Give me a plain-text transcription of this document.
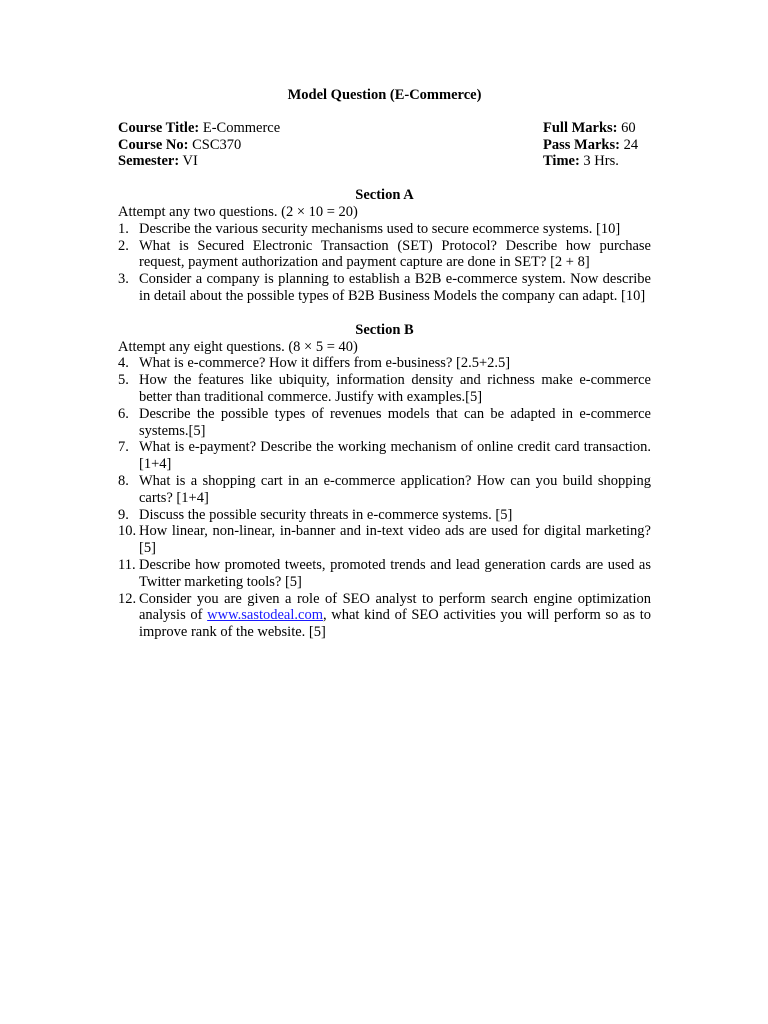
Model Question (E-Commerce)
Course Title: E-Commerce
Course No: CSC370
Semester: VI
Full Marks: 60
Pass Marks: 24
Time: 3 Hrs.
Section A
Attempt any two questions. (2 × 10 = 20)
1. Describe the various security mechanisms used to secure ecommerce systems. [10]
2. What is Secured Electronic Transaction (SET) Protocol? Describe how purchase request, payment authorization and payment capture are done in SET? [2 + 8]
3. Consider a company is planning to establish a B2B e-commerce system. Now describe in detail about the possible types of B2B Business Models the company can adapt. [10]
Section B
Attempt any eight questions. (8 × 5 = 40)
4. What is e-commerce? How it differs from e-business? [2.5+2.5]
5. How the features like ubiquity, information density and richness make e-commerce better than traditional commerce. Justify with examples.[5]
6. Describe the possible types of revenues models that can be adapted in e-commerce systems.[5]
7. What is e-payment? Describe the working mechanism of online credit card transaction.[1+4]
8. What is a shopping cart in an e-commerce application? How can you build shopping carts? [1+4]
9. Discuss the possible security threats in e-commerce systems. [5]
10. How linear, non-linear, in-banner and in-text video ads are used for digital marketing? [5]
11. Describe how promoted tweets, promoted trends and lead generation cards are used as Twitter marketing tools? [5]
12. Consider you are given a role of SEO analyst to perform search engine optimization analysis of www.sastodeal.com, what kind of SEO activities you will perform so as to improve rank of the website. [5]
